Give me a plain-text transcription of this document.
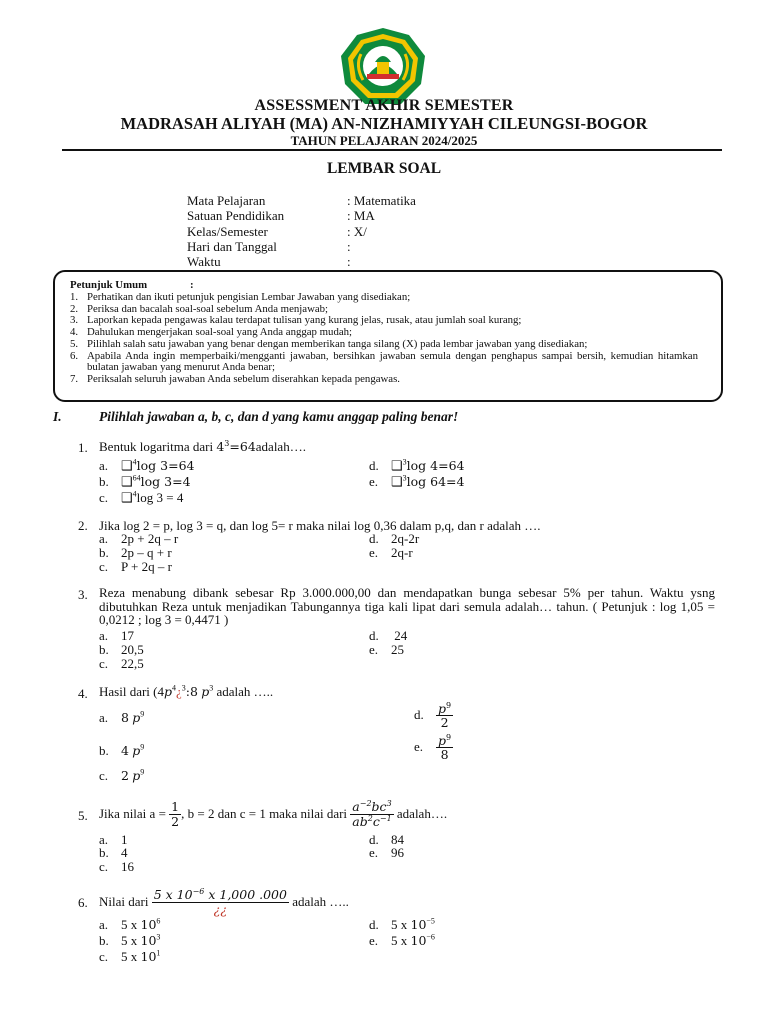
ASSESSMENT AKHIR SEMESTER
MADRASAH ALIYAH (MA) AN-NIZHAMIYYAH CILEUNGSI-BOGOR
TAHUN PELAJARAN 2024/2025
LEMBAR SOAL
Mata Pelajaran	: Matematika
Satuan Pendidikan	: MA
Kelas/Semester	: X/
Hari dan Tanggal	:
Waktu	:
Petunjuk Umum	:
1. Perhatikan dan ikuti petunjuk pengisian Lembar Jawaban yang disediakan;
2. Periksa dan bacalah soal-soal sebelum Anda menjawab;
3. Laporkan kepada pengawas kalau terdapat tulisan yang kurang jelas, rusak, atau jumlah soal kurang;
4. Dahulukan mengerjakan soal-soal yang Anda anggap mudah;
5. Pilihlah salah satu jawaban yang benar dengan memberikan tanga silang (X) pada lembar jawaban yang disediakan;
6. Apabila Anda ingin memperbaiki/mengganti jawaban, bersihkan jawaban semula dengan penghapus sampai bersih, kemudian hitamkan bulatan jawaban yang menurut Anda benar;
7. Periksalah seluruh jawaban Anda sebelum diserahkan kepada pengawas.
I.	Pilihlah jawaban a, b, c, dan d yang kamu anggap paling benar!
1. Bentuk logaritma dari $4^3=64adalah\dots$.
a. ❑$^4$log 3=64
b. ❑$^{64}$log 3=4
c. ❑$^4$log 3 = 4
d. ❑$^3$log 4=64
e. ❑$^3$log 64=4
2. Jika log 2 = p, log 3 = q, dan log 5= r maka nilai log 0,36 dalam p,q, dan r adalah ….
a. 2p + 2q – r
b. 2p – q + r
c. P + 2q – r
d. 2q-2r
e. 2q-r
3. Reza menabung dibank sebesar Rp 3.000.000,00 dan mendapatkan bunga sebesar 5% per tahun. Waktu ysng dibutuhkan Reza untuk menjadikan Tabungannya tiga kali lipat dari semula adalah… tahun. ( Petunjuk : log 1,05 = 0,0212 ; log 3 = 0,4471 )
a. 17
b. 20,5
c. 22,5
d. 24
e. 25
4. Hasil dari ($4p^4¿^3:8$ $p^3$ adalah …..
a. 8 $p^9$
b. 4 $p^9$
c. 2 $p^9$
d. $\frac{p^9}{2}$
e. $\frac{p^9}{8}$
5. Jika nilai a =
$\frac{1}{2}$ , b = 2 dan c = 1 maka nilai dari
$\frac{a^{-2}bc^3}{ab^2c^{-1}}$
adalah….
a. 1
b. 4
c. 16
d. 84
e. 96
6. Nilai dari
$\frac{5 x 10^{-6} x 1,000 .000}{¿¿}$
adalah …..
a. 5 x $10^6$
b. 5 x $10^3$
c. 5 x $10^1$
d. 5 x $10^{-5}$
e. 5 x $10^{-6}$
